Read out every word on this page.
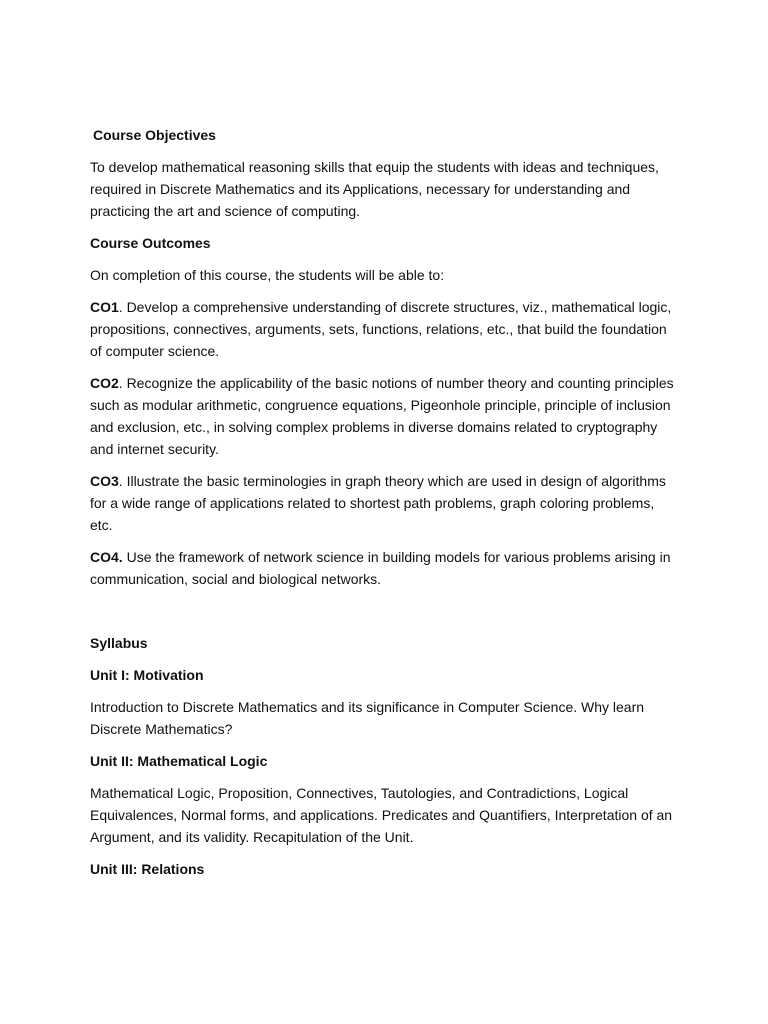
Course Objectives

To develop mathematical reasoning skills that equip the students with ideas and techniques, required in Discrete Mathematics and its Applications, necessary for understanding and practicing the art and science of computing.

Course Outcomes

On completion of this course, the students will be able to:

CO1. Develop a comprehensive understanding of discrete structures, viz., mathematical logic, propositions, connectives, arguments, sets, functions, relations, etc., that build the foundation of computer science.

CO2. Recognize the applicability of the basic notions of number theory and counting principles such as modular arithmetic, congruence equations, Pigeonhole principle, principle of inclusion and exclusion, etc., in solving complex problems in diverse domains related to cryptography and internet security.

CO3. Illustrate the basic terminologies in graph theory which are used in design of algorithms for a wide range of applications related to shortest path problems, graph coloring problems, etc.

CO4. Use the framework of network science in building models for various problems arising in communication, social and biological networks.

Syllabus
Unit I: Motivation

Introduction to Discrete Mathematics and its significance in Computer Science. Why learn Discrete Mathematics?

Unit II: Mathematical Logic

Mathematical Logic, Proposition, Connectives, Tautologies, and Contradictions, Logical Equivalences, Normal forms, and applications. Predicates and Quantifiers, Interpretation of an Argument, and its validity. Recapitulation of the Unit.

Unit III: Relations
